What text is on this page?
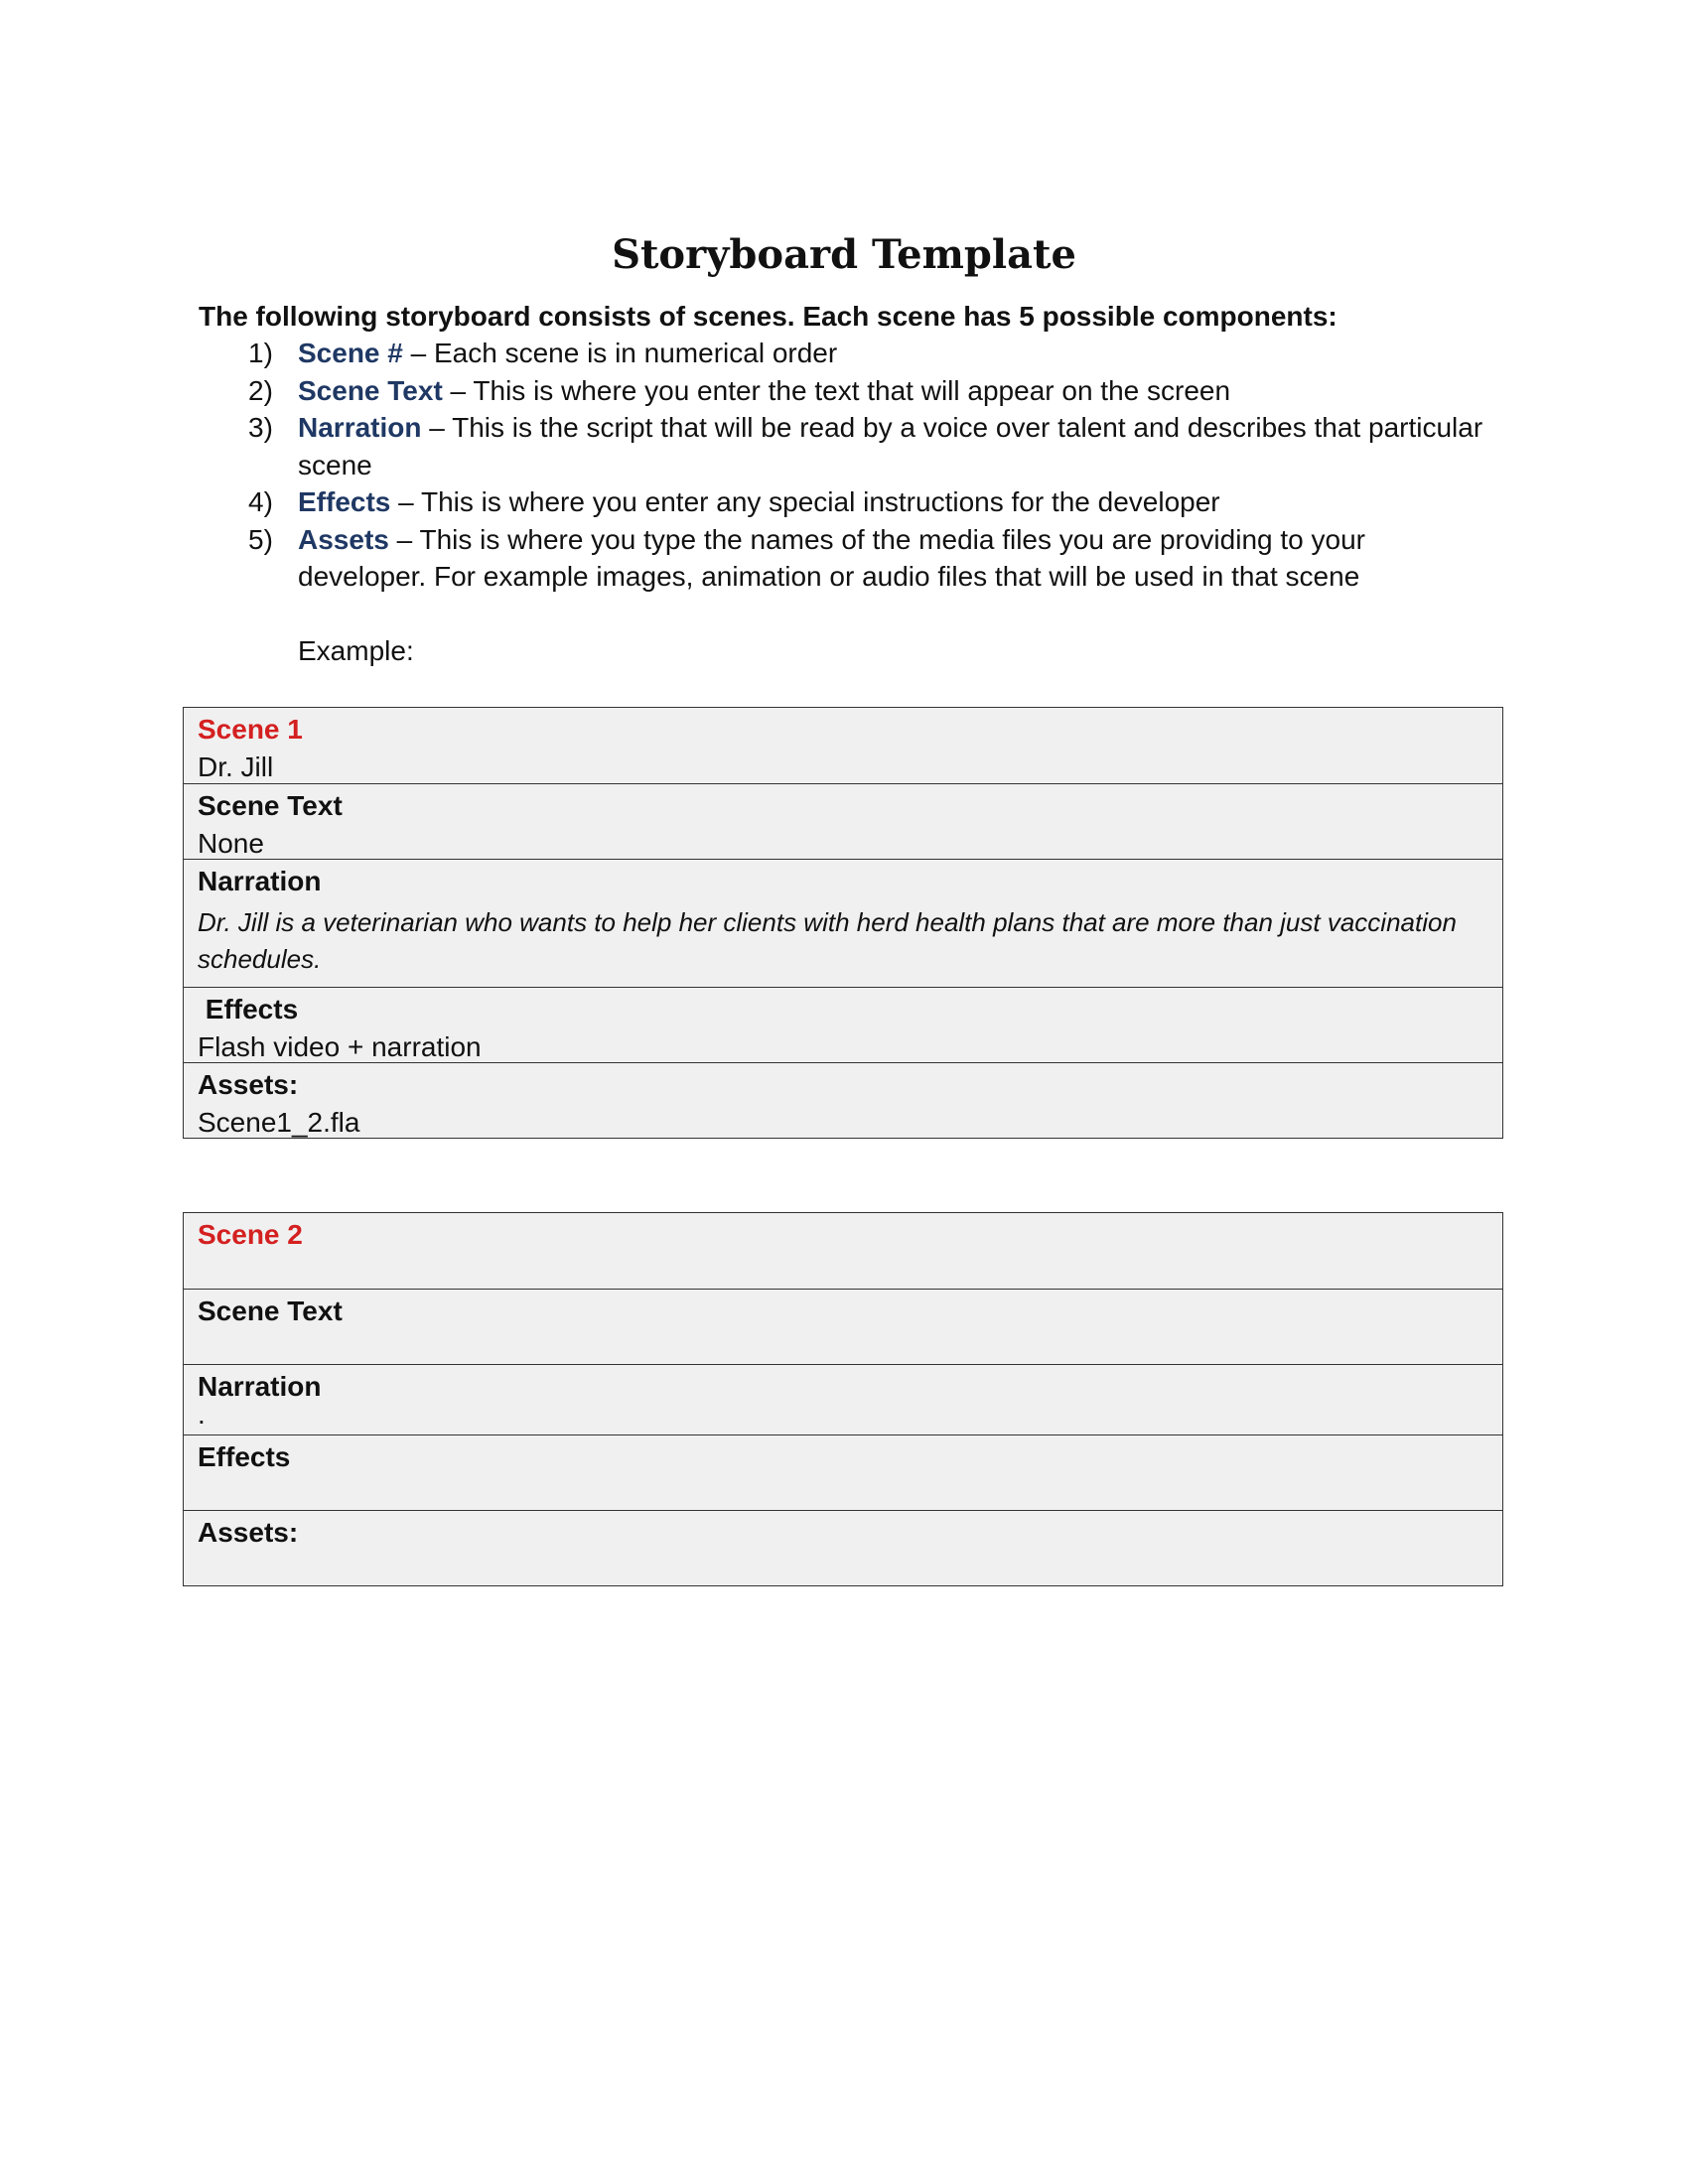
Storyboard Template
The following storyboard consists of scenes. Each scene has 5 possible components:
1) Scene # – Each scene is in numerical order
2) Scene Text – This is where you enter the text that will appear on the screen
3) Narration – This is the script that will be read by a voice over talent and describes that particular scene
4) Effects – This is where you enter any special instructions for the developer
5) Assets – This is where you type the names of the media files you are providing to your developer. For example images, animation or audio files that will be used in that scene
Example:
Scene 1
Dr. Jill
Scene Text
None
Narration
Dr. Jill is a veterinarian who wants to help her clients with herd health plans that are more than just vaccination schedules.
Effects
Flash video + narration
Assets:
Scene1_2.fla
Scene 2
Scene Text
Narration
.
Effects
Assets:
